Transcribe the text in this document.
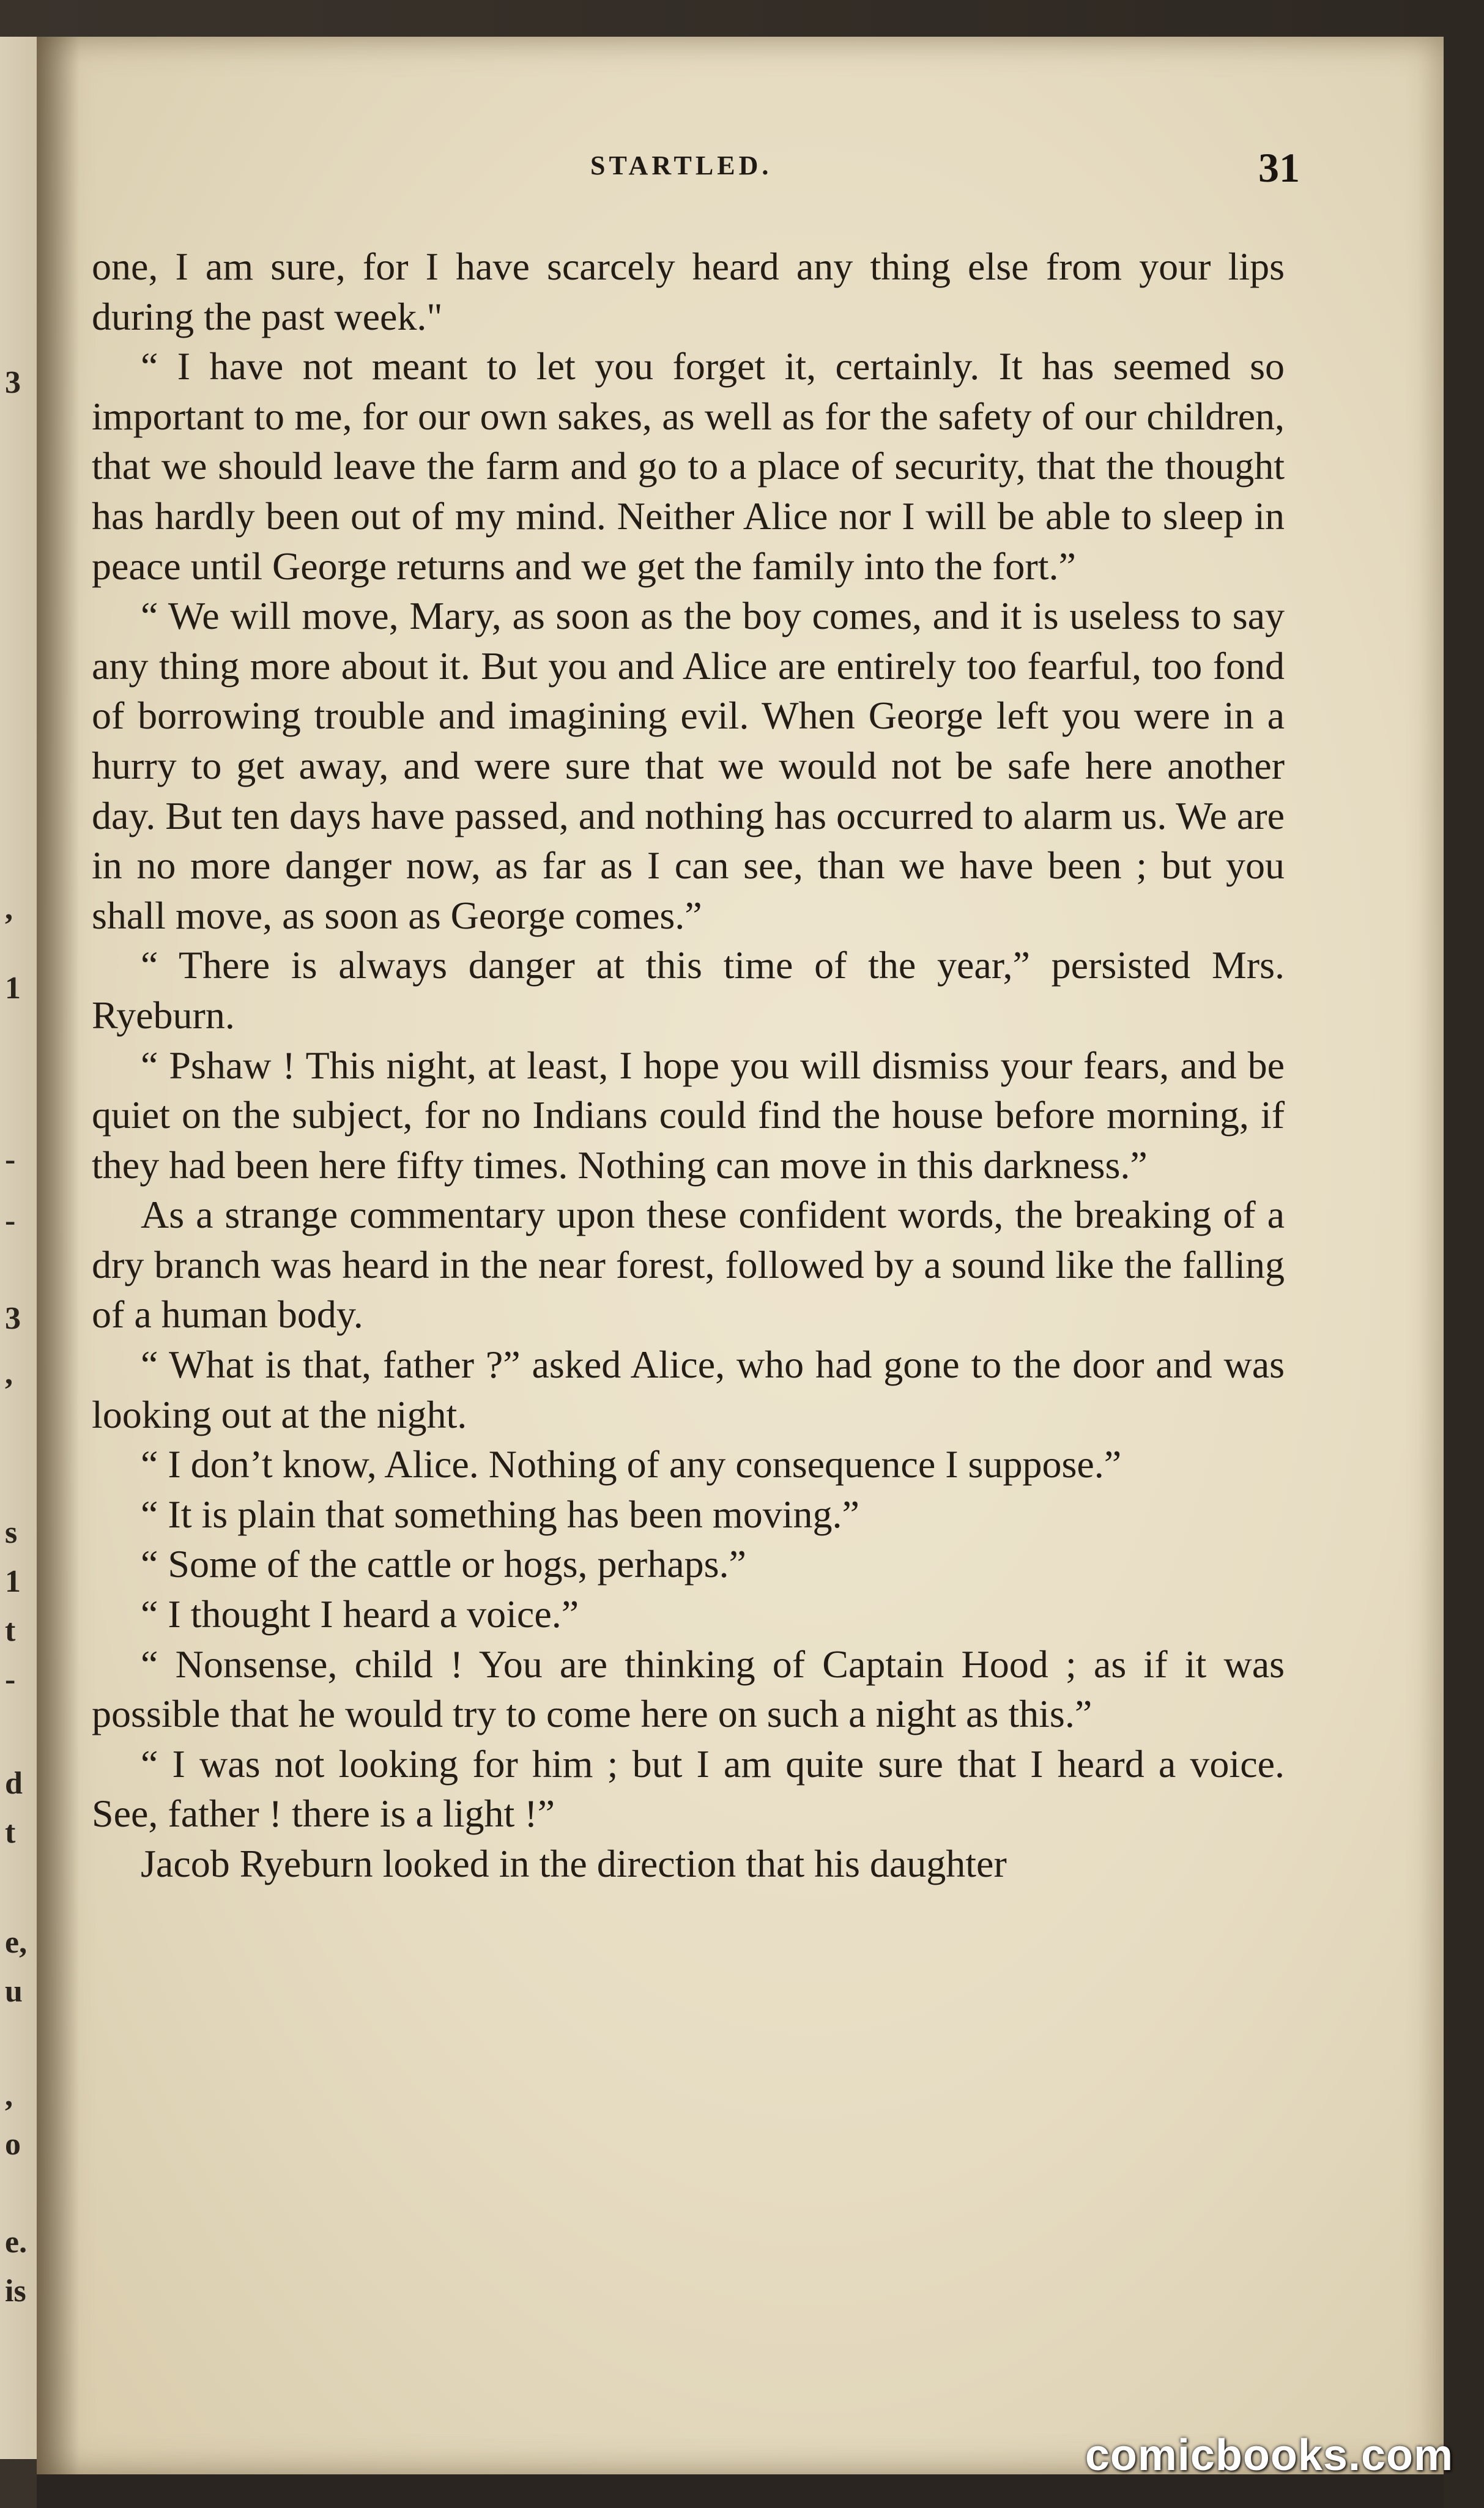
3
,
1
-
-
3
,
s
1
t
-
d
t
e,
u
,
o
e.
is
STARTLED.	31

one, I am sure, for I have scarcely heard any thing else from your lips during the past week."

“ I have not meant to let you forget it, certainly. It has seemed so important to me, for our own sakes, as well as for the safety of our children, that we should leave the farm and go to a place of security, that the thought has hardly been out of my mind. Neither Alice nor I will be able to sleep in peace until George returns and we get the family into the fort.”

“ We will move, Mary, as soon as the boy comes, and it is useless to say any thing more about it. But you and Alice are entirely too fearful, too fond of borrowing trouble and imagining evil. When George left you were in a hurry to get away, and were sure that we would not be safe here another day. But ten days have passed, and nothing has occurred to alarm us. We are in no more danger now, as far as I can see, than we have been ; but you shall move, as soon as George comes.”

“ There is always danger at this time of the year,” persisted Mrs. Ryeburn.

“ Pshaw ! This night, at least, I hope you will dismiss your fears, and be quiet on the subject, for no Indians could find the house before morning, if they had been here fifty times. Nothing can move in this darkness.”

As a strange commentary upon these confident words, the breaking of a dry branch was heard in the near forest, followed by a sound like the falling of a human body.

“ What is that, father ?” asked Alice, who had gone to the door and was looking out at the night.

“ I don’t know, Alice. Nothing of any consequence I suppose.”

“ It is plain that something has been moving.”

“ Some of the cattle or hogs, perhaps.”

“ I thought I heard a voice.”

“ Nonsense, child ! You are thinking of Captain Hood ; as if it was possible that he would try to come here on such a night as this.”

“ I was not looking for him ; but I am quite sure that I heard a voice. See, father ! there is a light !”

Jacob Ryeburn looked in the direction that his daughter

comicbooks.com
